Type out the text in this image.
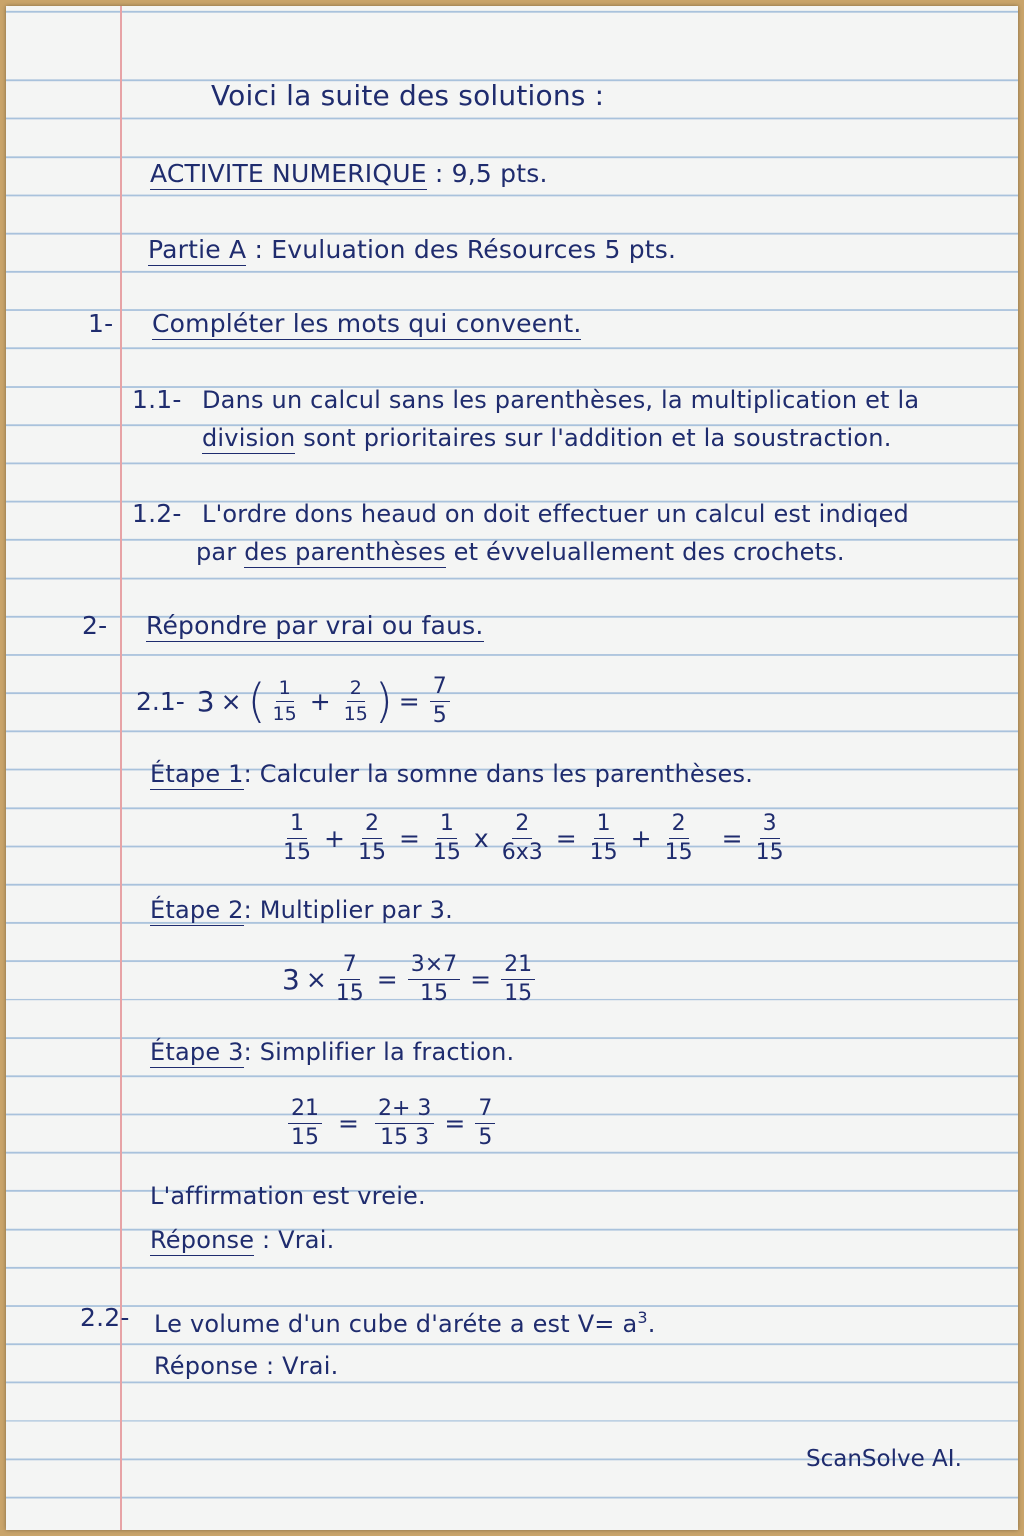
Voici la suite des solutions :
ACTIVITE NUMERIQUE : 9,5 pts.
Partie A : Evuluation des Résources 5 pts.
1- Compléter les mots qui conveent.
1.1- Dans un calcul sans les parenthèses, la multiplication et la
division sont prioritaires sur l'addition et la soustraction.
1.2- L'ordre dons heaud on doit effectuer un calcul est indiqed
par des parenthèses et évveluallement des crochets.
2- Répondre par vrai ou faus.
2.1- 3 × ( $\frac{1}{15} + \frac{2}{15}$ ) = $\frac{7}{5}$
Étape 1: Calculer la somne dans les parenthèses.
$\frac{1}{15} + \frac{2}{15} = \frac{1}{15}$ x $\frac{2}{6x3} = \frac{1}{15} + \frac{2}{15} = \frac{3}{15}$
Étape 2: Multiplier par 3.
$3 \times \frac{7}{15} = \frac{3\times 7}{15} = \frac{21}{15}$
Étape 3: Simplifier la fraction.
$\frac{21}{15} = \frac{2+ 3}{15 3} = \frac{7}{5}$
L'affirmation est vreie.
Réponse : Vrai.
2.2- Le volume d'un cube d'aréte a est $V= a^3$.
Réponse : Vrai.
ScanSolve AI.
